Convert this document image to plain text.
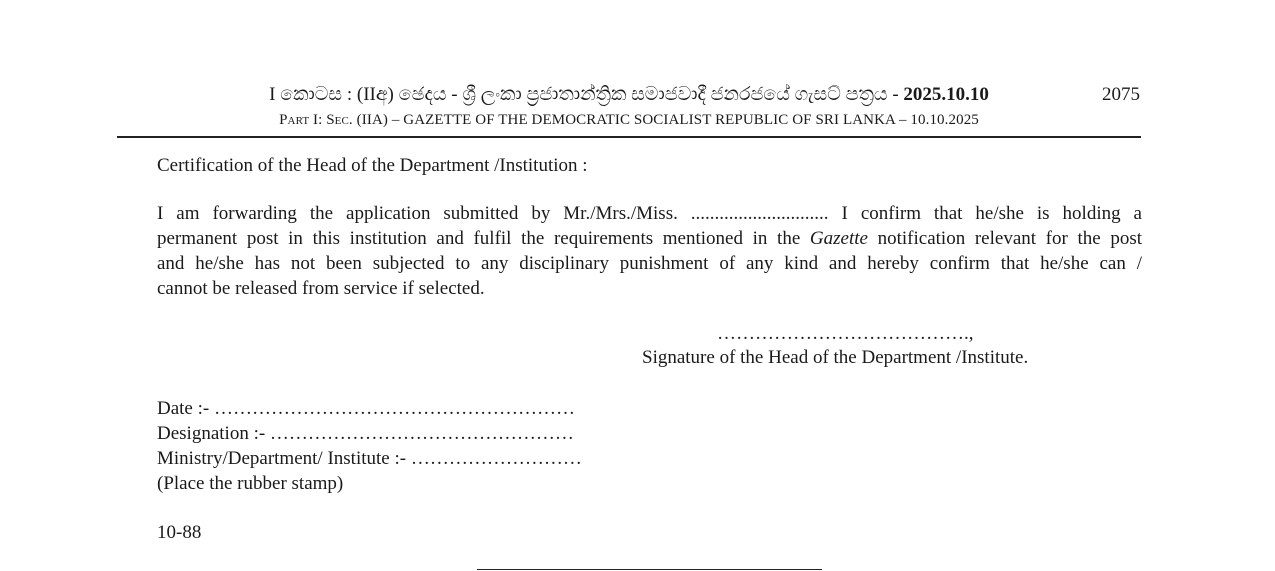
I කොටස : (IIඅ) ඡෙදය - ශ්‍රී ලංකා ප්‍රජාතාන්ත්‍රික සමාජවාදී ජනරජයේ ගැසට් පත්‍රය - 2025.10.10	2075
Part I: Sec. (IIA) – GAZETTE OF THE DEMOCRATIC SOCIALIST REPUBLIC OF SRI LANKA – 10.10.2025
Certification of the Head of the Department /Institution :
I am forwarding the application submitted by Mr./Mrs./Miss. ............................. I confirm that he/she is holding a
permanent post in this institution and fulfil the requirements mentioned in the Gazette notification relevant for the post
and he/she has not been subjected to any disciplinary punishment of any kind and hereby confirm that he/she can /
cannot be released from service if selected.
………………………………….,
Signature of the Head of the Department /Institute.
Date :- …………………………………………………
Designation :- …………………………………………
Ministry/Department/ Institute :- ………………………
(Place the rubber stamp)
10-88
